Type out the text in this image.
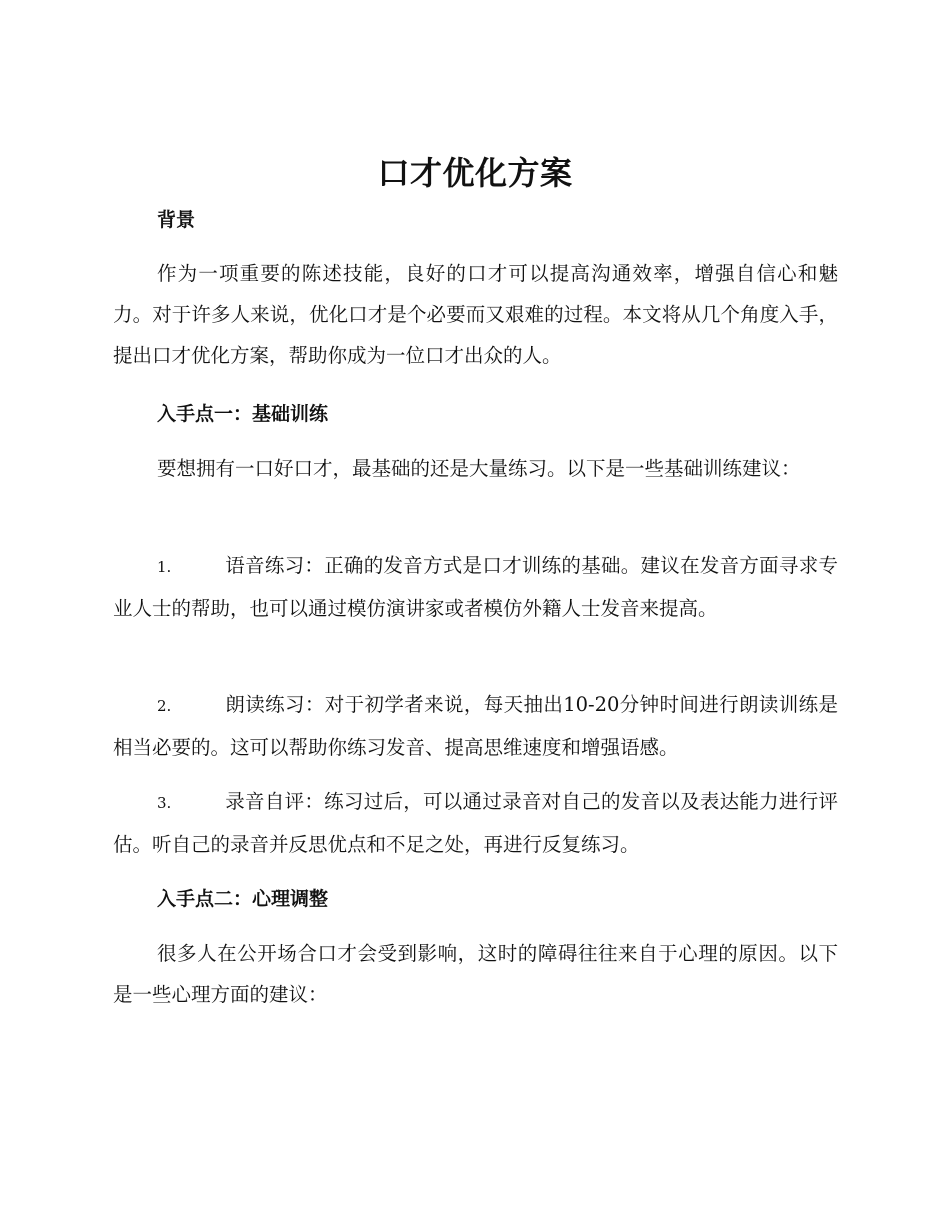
口才优化方案
背景

作为一项重要的陈述技能，良好的口才可以提高沟通效率，增强自信心和魅力。对于许多人来说，优化口才是个必要而又艰难的过程。本文将从几个角度入手，提出口才优化方案，帮助你成为一位口才出众的人。

入手点一：基础训练

要想拥有一口好口才，最基础的还是大量练习。以下是一些基础训练建议：

1.	语音练习：正确的发音方式是口才训练的基础。建议在发音方面寻求专业人士的帮助，也可以通过模仿演讲家或者模仿外籍人士发音来提高。

2.	朗读练习：对于初学者来说，每天抽出10-20分钟时间进行朗读训练是相当必要的。这可以帮助你练习发音、提高思维速度和增强语感。

3.	录音自评：练习过后，可以通过录音对自己的发音以及表达能力进行评估。听自己的录音并反思优点和不足之处，再进行反复练习。

入手点二：心理调整

很多人在公开场合口才会受到影响，这时的障碍往往来自于心理的原因。以下是一些心理方面的建议：
